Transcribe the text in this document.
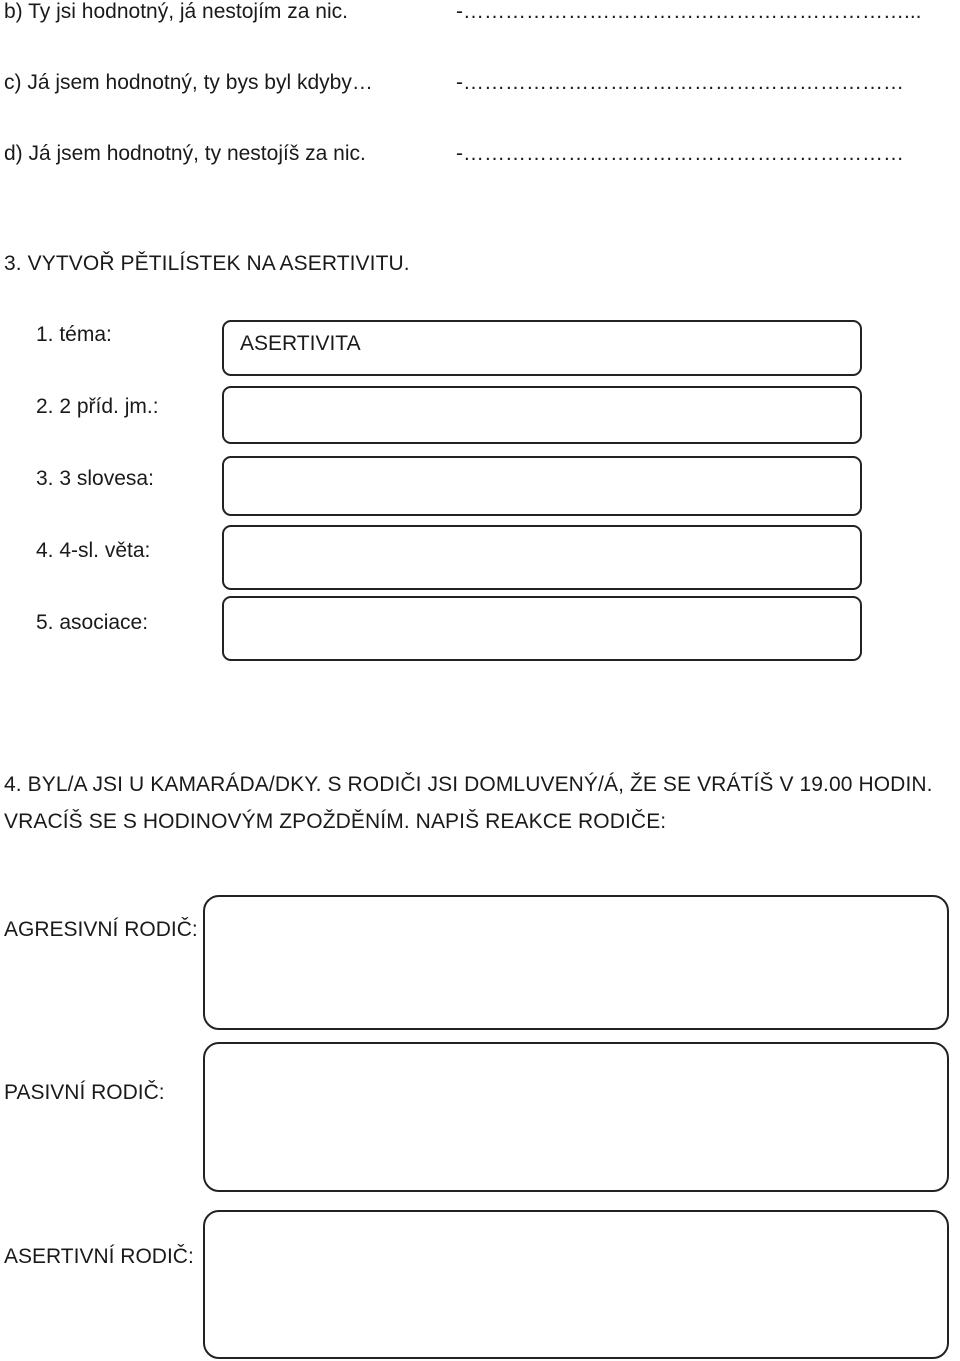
b) Ty jsi hodnotný, já nestojím za nic.	-………………………………………………………...
c) Já jsem hodnotný, ty bys byl kdyby…	-………………………………………………………
d) Já jsem hodnotný, ty nestojíš za nic.	-………………………………………………………
3. VYTVOŘ PĚTILÍSTEK NA ASERTIVITU.
1. téma:	ASERTIVITA
2. 2 příd. jm.:
3. 3 slovesa:
4. 4-sl. věta:
5. asociace:
4. BYL/A JSI U KAMARÁDA/DKY. S RODIČI JSI DOMLUVENÝ/Á, ŽE SE VRÁTÍŠ V 19.00 HODIN.
VRACÍŠ SE S HODINOVÝM ZPOŽDĚNÍM. NAPIŠ REAKCE RODIČE:
AGRESIVNÍ RODIČ:
PASIVNÍ RODIČ:
ASERTIVNÍ RODIČ:
